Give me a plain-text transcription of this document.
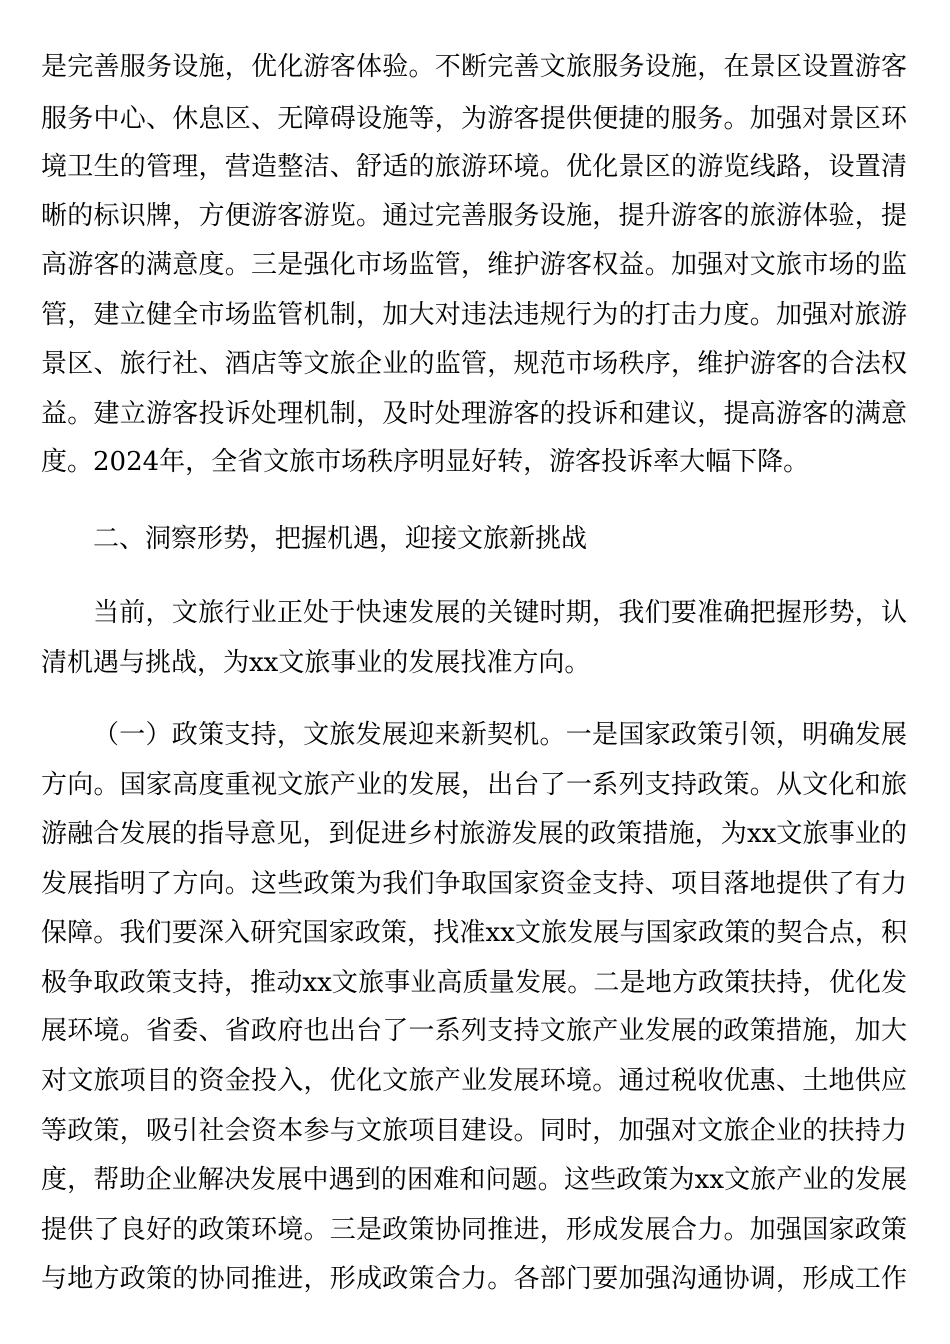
是完善服务设施，优化游客体验。不断完善文旅服务设施，在景区设置游客
服务中心、休息区、无障碍设施等，为游客提供便捷的服务。加强对景区环
境卫生的管理，营造整洁、舒适的旅游环境。优化景区的游览线路，设置清
晰的标识牌，方便游客游览。通过完善服务设施，提升游客的旅游体验，提
高游客的满意度。三是强化市场监管，维护游客权益。加强对文旅市场的监
管，建立健全市场监管机制，加大对违法违规行为的打击力度。加强对旅游
景区、旅行社、酒店等文旅企业的监管，规范市场秩序，维护游客的合法权
益。建立游客投诉处理机制，及时处理游客的投诉和建议，提高游客的满意
度。2024年，全省文旅市场秩序明显好转，游客投诉率大幅下降。
二、洞察形势，把握机遇，迎接文旅新挑战
当前，文旅行业正处于快速发展的关键时期，我们要准确把握形势，认
清机遇与挑战，为xx文旅事业的发展找准方向。
（一）政策支持，文旅发展迎来新契机。一是国家政策引领，明确发展
方向。国家高度重视文旅产业的发展，出台了一系列支持政策。从文化和旅
游融合发展的指导意见，到促进乡村旅游发展的政策措施，为xx文旅事业的
发展指明了方向。这些政策为我们争取国家资金支持、项目落地提供了有力
保障。我们要深入研究国家政策，找准xx文旅发展与国家政策的契合点，积
极争取政策支持，推动xx文旅事业高质量发展。二是地方政策扶持，优化发
展环境。省委、省政府也出台了一系列支持文旅产业发展的政策措施，加大
对文旅项目的资金投入，优化文旅产业发展环境。通过税收优惠、土地供应
等政策，吸引社会资本参与文旅项目建设。同时，加强对文旅企业的扶持力
度，帮助企业解决发展中遇到的困难和问题。这些政策为xx文旅产业的发展
提供了良好的政策环境。三是政策协同推进，形成发展合力。加强国家政策
与地方政策的协同推进，形成政策合力。各部门要加强沟通协调，形成工作
